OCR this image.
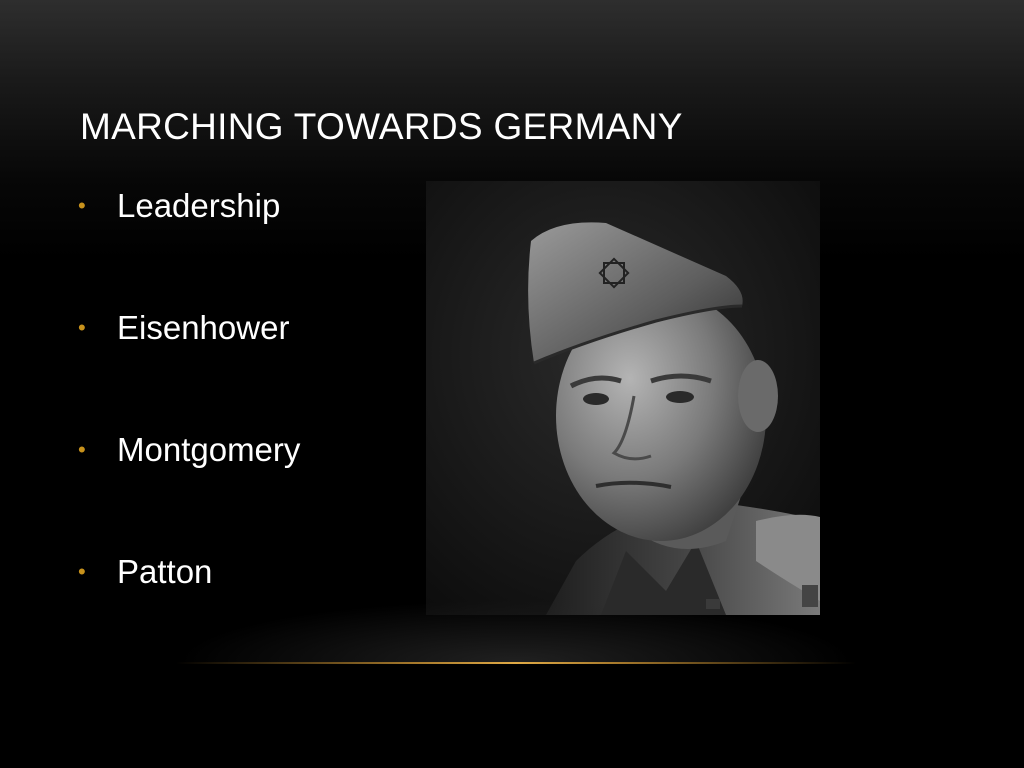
MARCHING TOWARDS GERMANY
• Leadership
• Eisenhower
• Montgomery
• Patton
